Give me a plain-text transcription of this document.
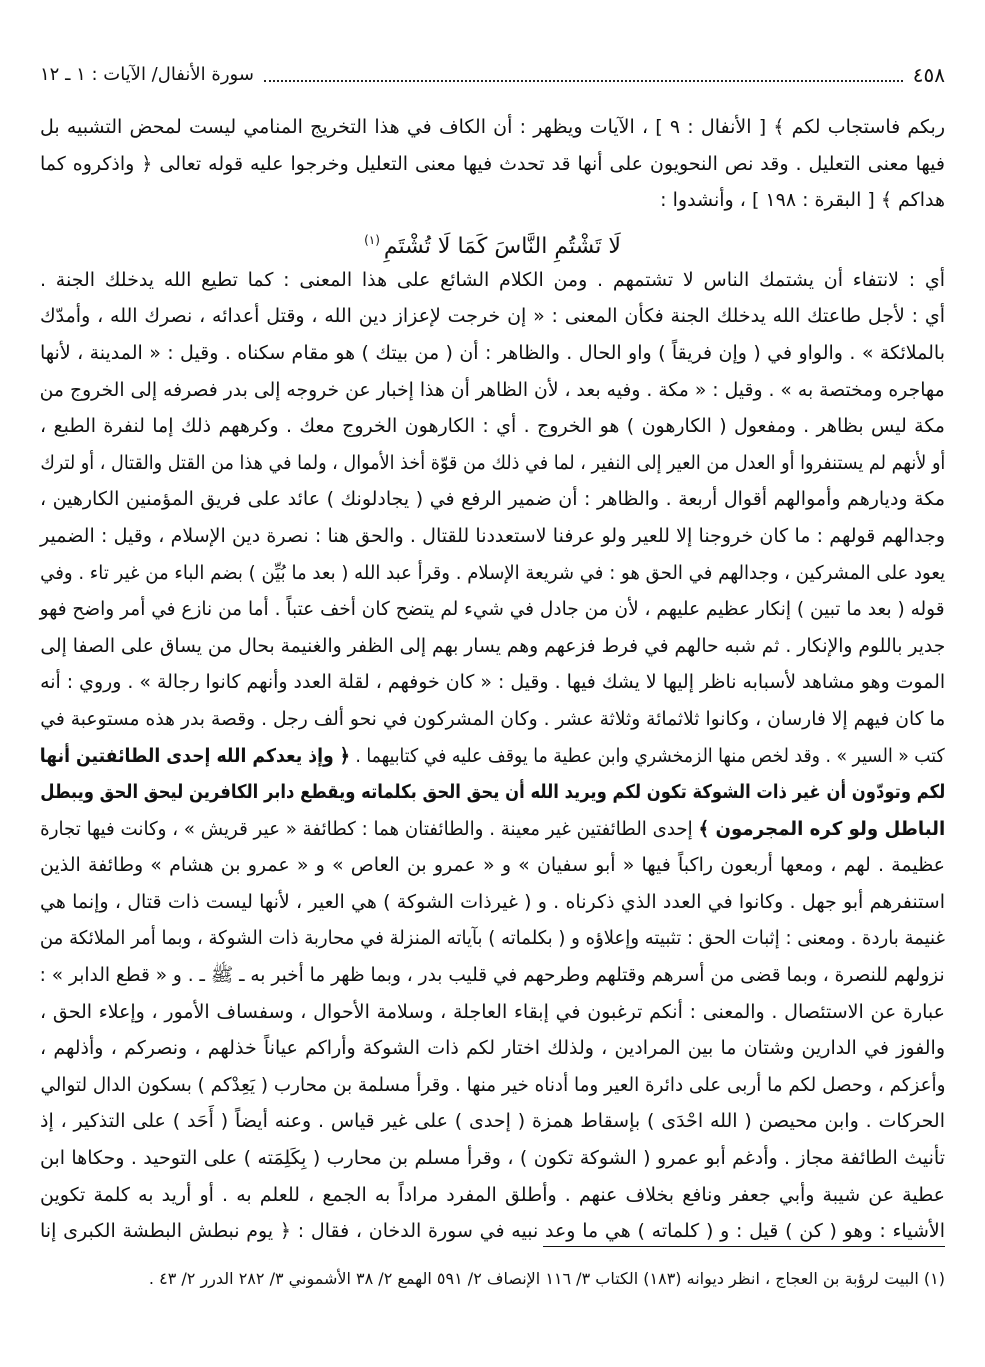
٤٥٨
سورة الأنفال/ الآيات : ١ ـ ١٢
ربكم فاستجاب لكم ﴾ [ الأنفال : ٩ ] ، الآيات ويظهر : أن الكاف في هذا التخريج المنامي ليست لمحض التشبيه بل
فيها معنى التعليل . وقد نص النحويون على أنها قد تحدث فيها معنى التعليل وخرجوا عليه قوله تعالى ﴿ واذكروه كما
هداكم ﴾ [ البقرة : ١٩٨ ] ، وأنشدوا :
لَا تَشْتُمِ النَّاسَ كَمَا لَا تُشْتَمِ$^{(١)}$
أي : لانتفاء أن يشتمك الناس لا تشتمهم . ومن الكلام الشائع على هذا المعنى : كما تطيع الله يدخلك الجنة .
أي : لأجل طاعتك الله يدخلك الجنة فكأن المعنى : « إن خرجت لإعزاز دين الله ، وقتل أعدائه ، نصرك الله ، وأمدّك
بالملائكة » . والواو في ( وإن فريقاً ) واو الحال . والظاهر : أن ( من بيتك ) هو مقام سكناه . وقيل : « المدينة ، لأنها
مهاجره ومختصة به » . وقيل : « مكة . وفيه بعد ، لأن الظاهر أن هذا إخبار عن خروجه إلى بدر فصرفه إلى الخروج من
مكة ليس بظاهر . ومفعول ( الكارهون ) هو الخروج . أي : الكارهون الخروج معك . وكرههم ذلك إما لنفرة الطبع ،
أو لأنهم لم يستنفروا أو العدل من العير إلى النفير ، لما في ذلك من قوّة أخذ الأموال ، ولما في هذا من القتل والقتال ، أو لترك
مكة وديارهم وأموالهم أقوال أربعة . والظاهر : أن ضمير الرفع في ( يجادلونك ) عائد على فريق المؤمنين الكارهين ،
وجدالهم قولهم : ما كان خروجنا إلا للعير ولو عرفنا لاستعددنا للقتال . والحق هنا : نصرة دين الإسلام ، وقيل : الضمير
يعود على المشركين ، وجدالهم في الحق هو : في شريعة الإسلام . وقرأ عبد الله ( بعد ما بُيِّن ) بضم الباء من غير تاء . وفي
قوله ( بعد ما تبين ) إنكار عظيم عليهم ، لأن من جادل في شيء لم يتضح كان أخف عتباً . أما من نازع في أمر واضح فهو
جدير باللوم والإنكار . ثم شبه حالهم في فرط فزعهم وهم يسار بهم إلى الظفر والغنيمة بحال من يساق على الصفا إلى
الموت وهو مشاهد لأسبابه ناظر إليها لا يشك فيها . وقيل : « كان خوفهم ، لقلة العدد وأنهم كانوا رجالة » . وروي : أنه
ما كان فيهم إلا فارسان ، وكانوا ثلاثمائة وثلاثة عشر . وكان المشركون في نحو ألف رجل . وقصة بدر هذه مستوعبة في
كتب « السير » . وقد لخص منها الزمخشري وابن عطية ما يوقف عليه في كتابيهما . ﴿ وإذ يعدكم الله إحدى الطائفتين أنها
لكم وتودّون أن غير ذات الشوكة تكون لكم ويريد الله أن يحق الحق بكلماته ويقطع دابر الكافرين ليحق الحق ويبطل
الباطل ولو كره المجرمون ﴾ إحدى الطائفتين غير معينة . والطائفتان هما : كطائفة « عير قريش » ، وكانت فيها تجارة
عظيمة . لهم ، ومعها أربعون راكباً فيها « أبو سفيان » و « عمرو بن العاص » و « عمرو بن هشام » وطائفة الذين
استنفرهم أبو جهل . وكانوا في العدد الذي ذكرناه . و ( غيرذات الشوكة ) هي العير ، لأنها ليست ذات قتال ، وإنما هي
غنيمة باردة . ومعنى : إثبات الحق : تثبيته وإعلاؤه و ( بكلماته ) بآياته المنزلة في محاربة ذات الشوكة ، وبما أمر الملائكة من
نزولهم للنصرة ، وبما قضى من أسرهم وقتلهم وطرحهم في قليب بدر ، وبما ظهر ما أخبر به ـ ﷺ ـ . و « قطع الدابر » :
عبارة عن الاستئصال . والمعنى : أنكم ترغبون في إبقاء العاجلة ، وسلامة الأحوال ، وسفساف الأمور ، وإعلاء الحق ،
والفوز في الدارين وشتان ما بين المرادين ، ولذلك اختار لكم ذات الشوكة وأراكم عياناً خذلهم ، ونصركم ، وأذلهم ،
وأعزكم ، وحصل لكم ما أربى على دائرة العير وما أدناه خير منها . وقرأ مسلمة بن محارب ( يَعِدْكم ) بسكون الدال لتوالي
الحركات . وابن محيصن ( الله احْدَى ) بإسقاط همزة ( إحدى ) على غير قياس . وعنه أيضاً ( أَحَد ) على التذكير ، إذ
تأنيث الطائفة مجاز . وأدغم أبو عمرو ( الشوكة تكون ) ، وقرأ مسلم بن محارب ( بِكَلِمَته ) على التوحيد . وحكاها ابن
عطية عن شيبة وأبي جعفر ونافع بخلاف عنهم . وأطلق المفرد مراداً به الجمع ، للعلم به . أو أريد به كلمة تكوين
الأشياء : وهو ( كن ) قيل : و ( كلماته ) هي ما وعد نبيه في سورة الدخان ، فقال : ﴿ يوم نبطش البطشة الكبرى إنا
(١) البيت لرؤبة بن العجاج ، انظر ديوانه (١٨٣) الكتاب ٣/ ١١٦ الإنصاف ٢/ ٥٩١ الهمع ٢/ ٣٨ الأشموني ٣/ ٢٨٢ الدرر ٢/ ٤٣ .
